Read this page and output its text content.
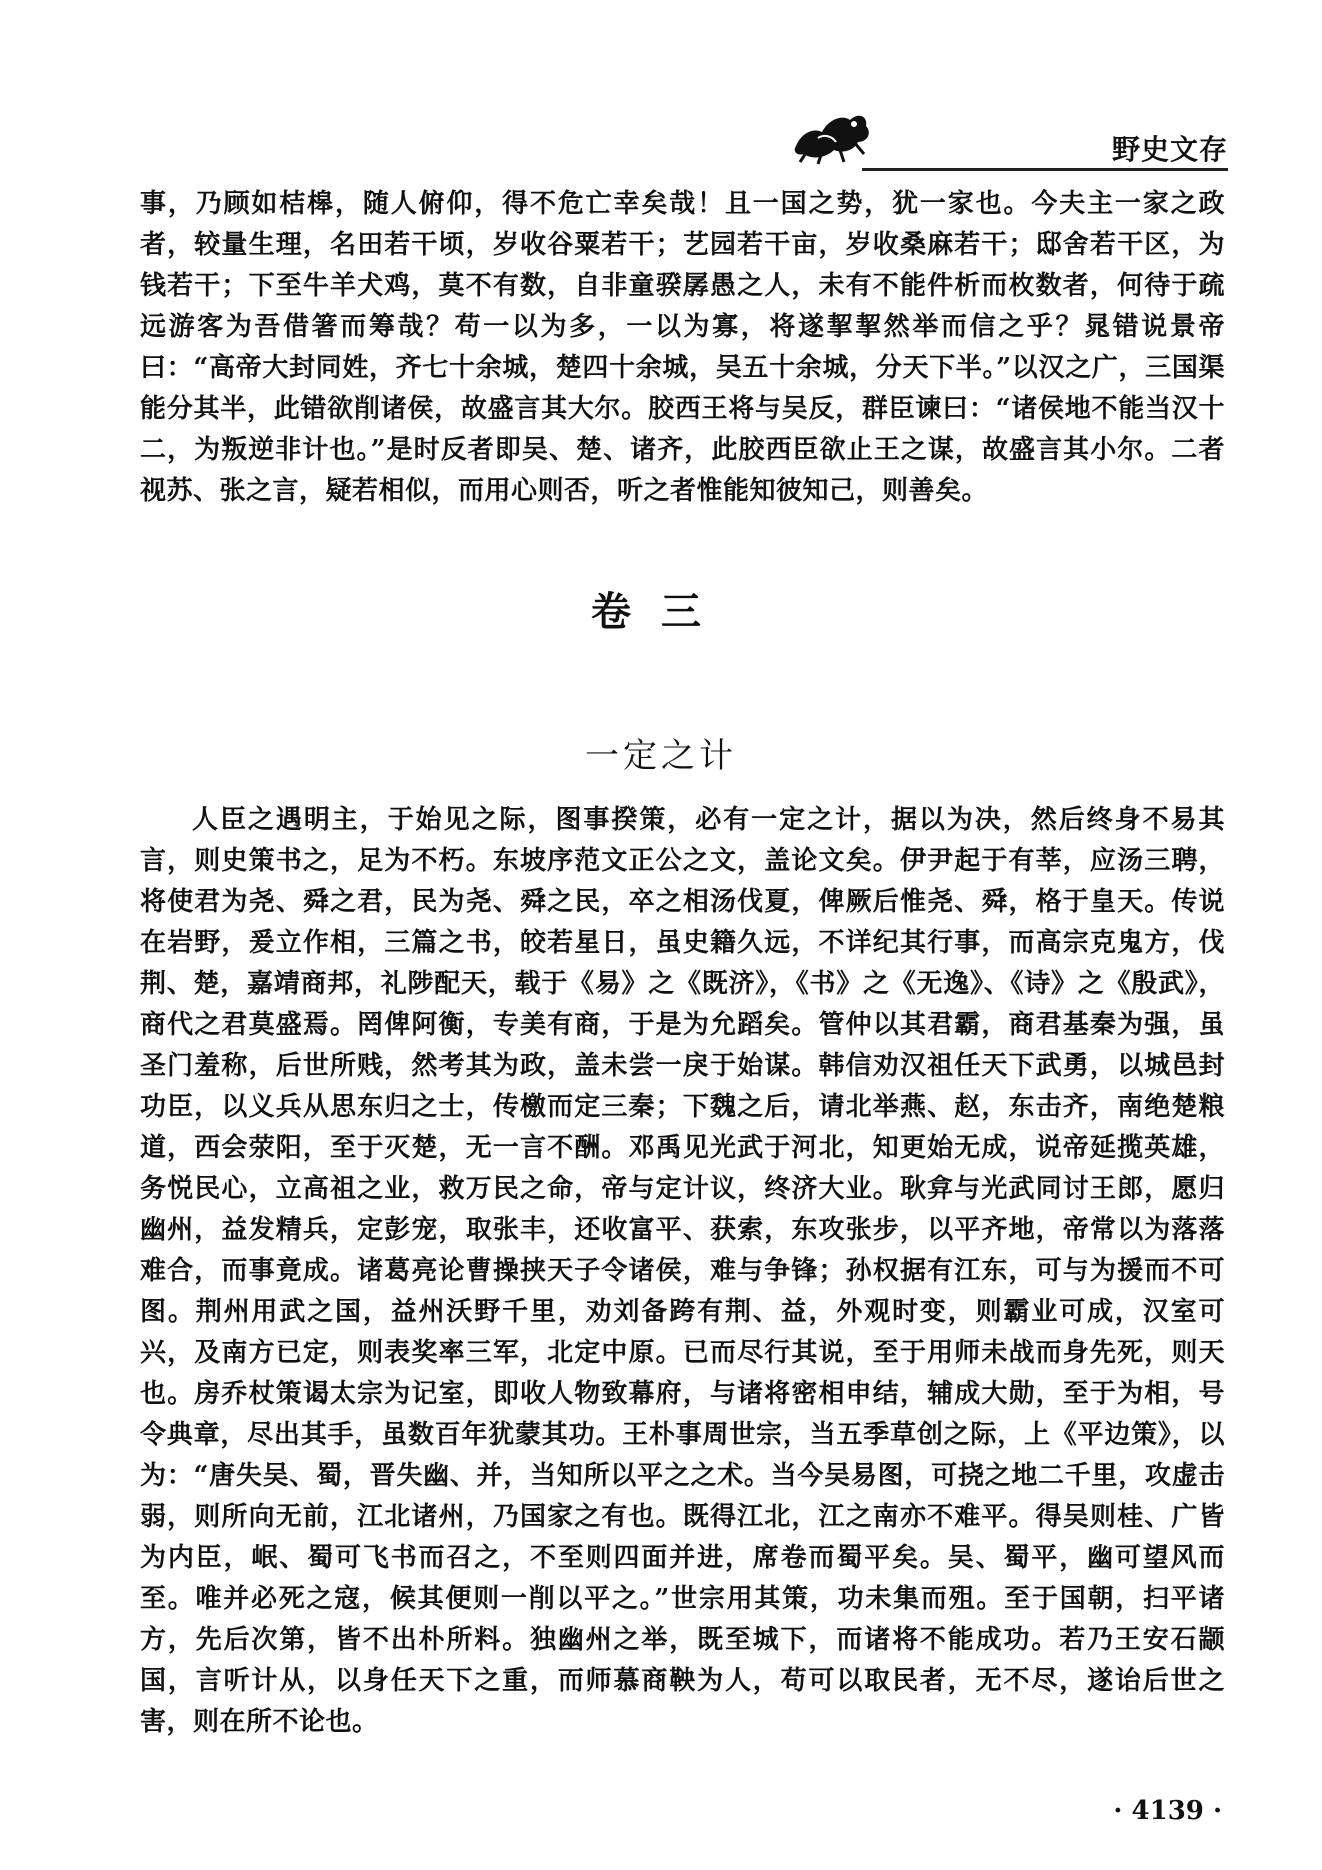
野史文存
事，乃顾如桔槔，随人俯仰，得不危亡幸矣哉！且一国之势，犹一家也。今夫主一家之政者，较量生理，名田若干顷，岁收谷粟若干；艺园若干亩，岁收桑麻若干；邸舍若干区，为钱若干；下至牛羊犬鸡，莫不有数，自非童骙孱愚之人，未有不能件析而枚数者，何待于疏远游客为吾借箸而筹哉？苟一以为多，一以为寡，将遂挈挈然举而信之乎？晁错说景帝曰：“高帝大封同姓，齐七十余城，楚四十余城，吴五十余城，分天下半。”以汉之广，三国渠能分其半，此错欲削诸侯，故盛言其大尔。胶西王将与吴反，群臣谏曰：“诸侯地不能当汉十二，为叛逆非计也。”是时反者即吴、楚、诸齐，此胶西臣欲止王之谋，故盛言其小尔。二者视苏、张之言，疑若相似，而用心则否，听之者惟能知彼知己，则善矣。
卷三
一定之计
人臣之遇明主，于始见之际，图事揆策，必有一定之计，据以为决，然后终身不易其言，则史策书之，足为不朽。东坡序范文正公之文，盖论文矣。伊尹起于有莘，应汤三聘，将使君为尧、舜之君，民为尧、舜之民，卒之相汤伐夏，俾厥后惟尧、舜，格于皇天。传说在岩野，爰立作相，三篇之书，皎若星日，虽史籍久远，不详纪其行事，而高宗克鬼方，伐荆、楚，嘉靖商邦，礼陟配天，载于《易》之《既济》，《书》之《无逸》、《诗》之《殷武》，商代之君莫盛焉。罔俾阿衡，专美有商，于是为允蹈矣。管仲以其君霸，商君基秦为强，虽圣门羞称，后世所贱，然考其为政，盖未尝一戾于始谋。韩信劝汉祖任天下武勇，以城邑封功臣，以义兵从思东归之士，传檄而定三秦；下魏之后，请北举燕、赵，东击齐，南绝楚粮道，西会荥阳，至于灭楚，无一言不酬。邓禹见光武于河北，知更始无成，说帝延揽英雄，务悦民心，立高祖之业，救万民之命，帝与定计议，终济大业。耿弇与光武同讨王郎，愿归幽州，益发精兵，定彭宠，取张丰，还收富平、获索，东攻张步，以平齐地，帝常以为落落难合，而事竟成。诸葛亮论曹操挟天子令诸侯，难与争锋；孙权据有江东，可与为援而不可图。荆州用武之国，益州沃野千里，劝刘备跨有荆、益，外观时变，则霸业可成，汉室可兴，及南方已定，则表奖率三军，北定中原。已而尽行其说，至于用师未战而身先死，则天也。房乔杖策谒太宗为记室，即收人物致幕府，与诸将密相申结，辅成大勋，至于为相，号令典章，尽出其手，虽数百年犹蒙其功。王朴事周世宗，当五季草创之际，上《平边策》，以为：“唐失吴、蜀，晋失幽、并，当知所以平之之术。当今吴易图，可挠之地二千里，攻虚击弱，则所向无前，江北诸州，乃国家之有也。既得江北，江之南亦不难平。得吴则桂、广皆为内臣，岷、蜀可飞书而召之，不至则四面并进，席卷而蜀平矣。吴、蜀平，幽可望风而至。唯并必死之寇，候其便则一削以平之。”世宗用其策，功未集而殂。至于国朝，扫平诸方，先后次第，皆不出朴所料。独幽州之举，既至城下，而诸将不能成功。若乃王安石颛国，言听计从，以身任天下之重，而师慕商鞅为人，苟可以取民者，无不尽，遂诒后世之害，则在所不论也。
· 4139 ·
